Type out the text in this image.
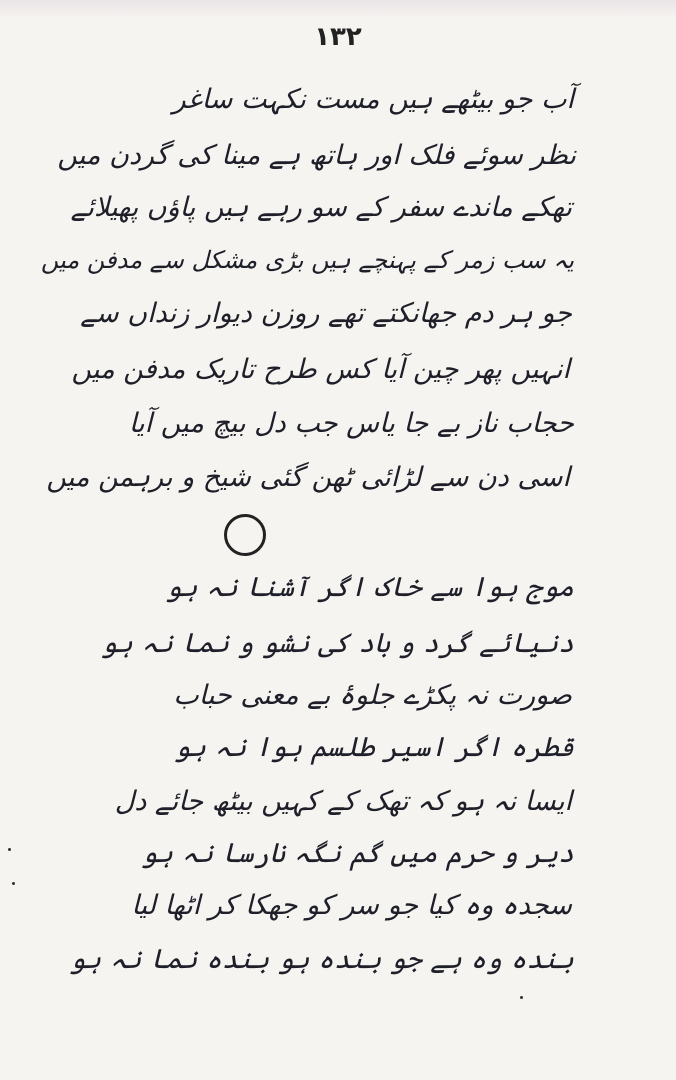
۱۳۲
آب جو بیٹھے ہیں مست نکہت ساغر
نظر سوئے فلک اور ہاتھ ہے مینا کی گردن میں
تھکے ماندے سفر کے سو رہے ہیں پاؤں پھیلائے
یہ سب زمر کے پہنچے ہیں بڑی مشکل سے مدفن میں
جو ہر دم جھانکتے تھے روزن دیوار زنداں سے
انہیں پھر چین آیا کس طرح تاریک مدفن میں
حجاب ناز بے جا یاس جب دل بیچ میں آیا
اسی دن سے لڑائی ٹھن گئی شیخ و برہمن میں
موج ہوا سے خاک اگر آشنا نہ ہو
دنیائے گرد و باد کی نشو و نما نہ ہو
صورت نہ پکڑے جلوۂ بے معنی حباب
قطرہ اگر اسیر طلسم ہوا نہ ہو
ایسا نہ ہو کہ تھک کے کہیں بیٹھ جائے دل
دیر و حرم میں گم نگہ نارسا نہ ہو
سجدہ وہ کیا جو سر کو جھکا کر اٹھا لیا
بندہ وہ ہے جو بندہ ہو بندہ نما نہ ہو
